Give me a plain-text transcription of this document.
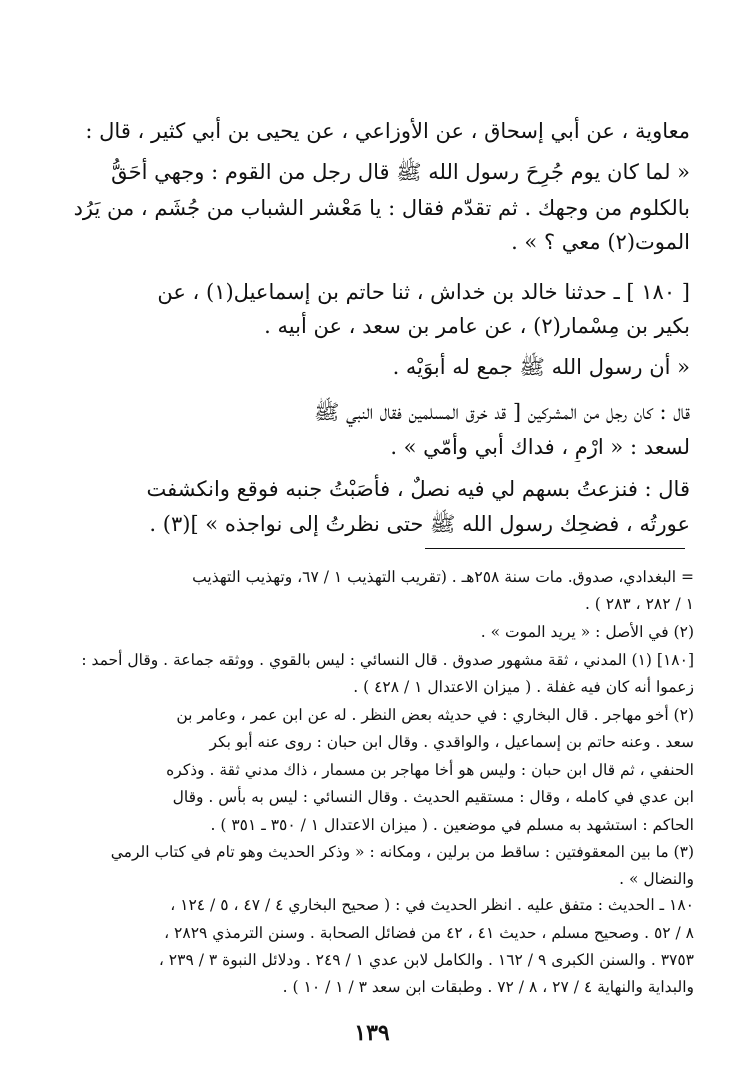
معاوية ، عن أبي إسحاق ، عن الأوزاعي ، عن يحيى بن أبي كثير ، قال :
« لما كان يوم جُرِحَ رسول الله ﷺ قال رجل من القوم : وجهي أحَقُّ
بالكلوم من وجهك . ثم تقدّم فقال : يا مَعْشر الشباب من جُشَم ، من يَرُد
الموت(٢) معي ؟ » .
[ ١٨٠ ] ـ حدثنا خالد بن خداش ، ثنا حاتم بن إسماعيل(١) ، عن
بكير بن مِسْمار(٢) ، عن عامر بن سعد ، عن أبيه .
« أن رسول الله ﷺ جمع له أبوَيْه .
قال : كان رجل من المشركين [ قد خرق المسلمين فقال النبي ﷺ
لسعد : « ارْمِ ، فداك أبي وأمّي » .
قال : فنزعتُ بسهم لي فيه نصلٌ ، فأصَبْتُ جنبه فوقع وانكشفت
عورتُه ، فضحِك رسول الله ﷺ حتى نظرتُ إلى نواجذه » ](٣) .
= البغدادي، صدوق. مات سنة ٢٥٨هـ . (تقريب التهذيب ١ / ٦٧، وتهذيب التهذيب
١ / ٢٨٢ ، ٢٨٣ ) .
(٢) في الأصل : « يريد الموت » .
[١٨٠] (١) المدني ، ثقة مشهور صدوق . قال النسائي : ليس بالقوي . ووثقه جماعة . وقال أحمد :
زعموا أنه كان فيه غفلة . ( ميزان الاعتدال ١ / ٤٢٨ ) .
(٢) أخو مهاجر . قال البخاري : في حديثه بعض النظر . له عن ابن عمر ، وعامر بن
سعد . وعنه حاتم بن إسماعيل ، والواقدي . وقال ابن حبان : روى عنه أبو بكر
الحنفي ، ثم قال ابن حبان : وليس هو أخا مهاجر بن مسمار ، ذاك مدني ثقة . وذكره
ابن عدي في كامله ، وقال : مستقيم الحديث . وقال النسائي : ليس به بأس . وقال
الحاكم : استشهد به مسلم في موضعين . ( ميزان الاعتدال ١ / ٣٥٠ ـ ٣٥١ ) .
(٣) ما بين المعقوفتين : ساقط من برلين ، ومكانه : « وذكر الحديث وهو تام في كتاب الرمي
والنضال » .
١٨٠ ـ الحديث : متفق عليه . انظر الحديث في : ( صحيح البخاري ٤ / ٤٧ ، ٥ / ١٢٤ ،
٨ / ٥٢ . وصحيح مسلم ، حديث ٤١ ، ٤٢ من فضائل الصحابة . وسنن الترمذي ٢٨٢٩ ،
٣٧٥٣ . والسنن الكبرى ٩ / ١٦٢ . والكامل لابن عدي ١ / ٢٤٩ . ودلائل النبوة ٣ / ٢٣٩ ،
والبداية والنهاية ٤ / ٢٧ ، ٨ / ٧٢ . وطبقات ابن سعد ٣ / ١ / ١٠ ) .
١٣٩
